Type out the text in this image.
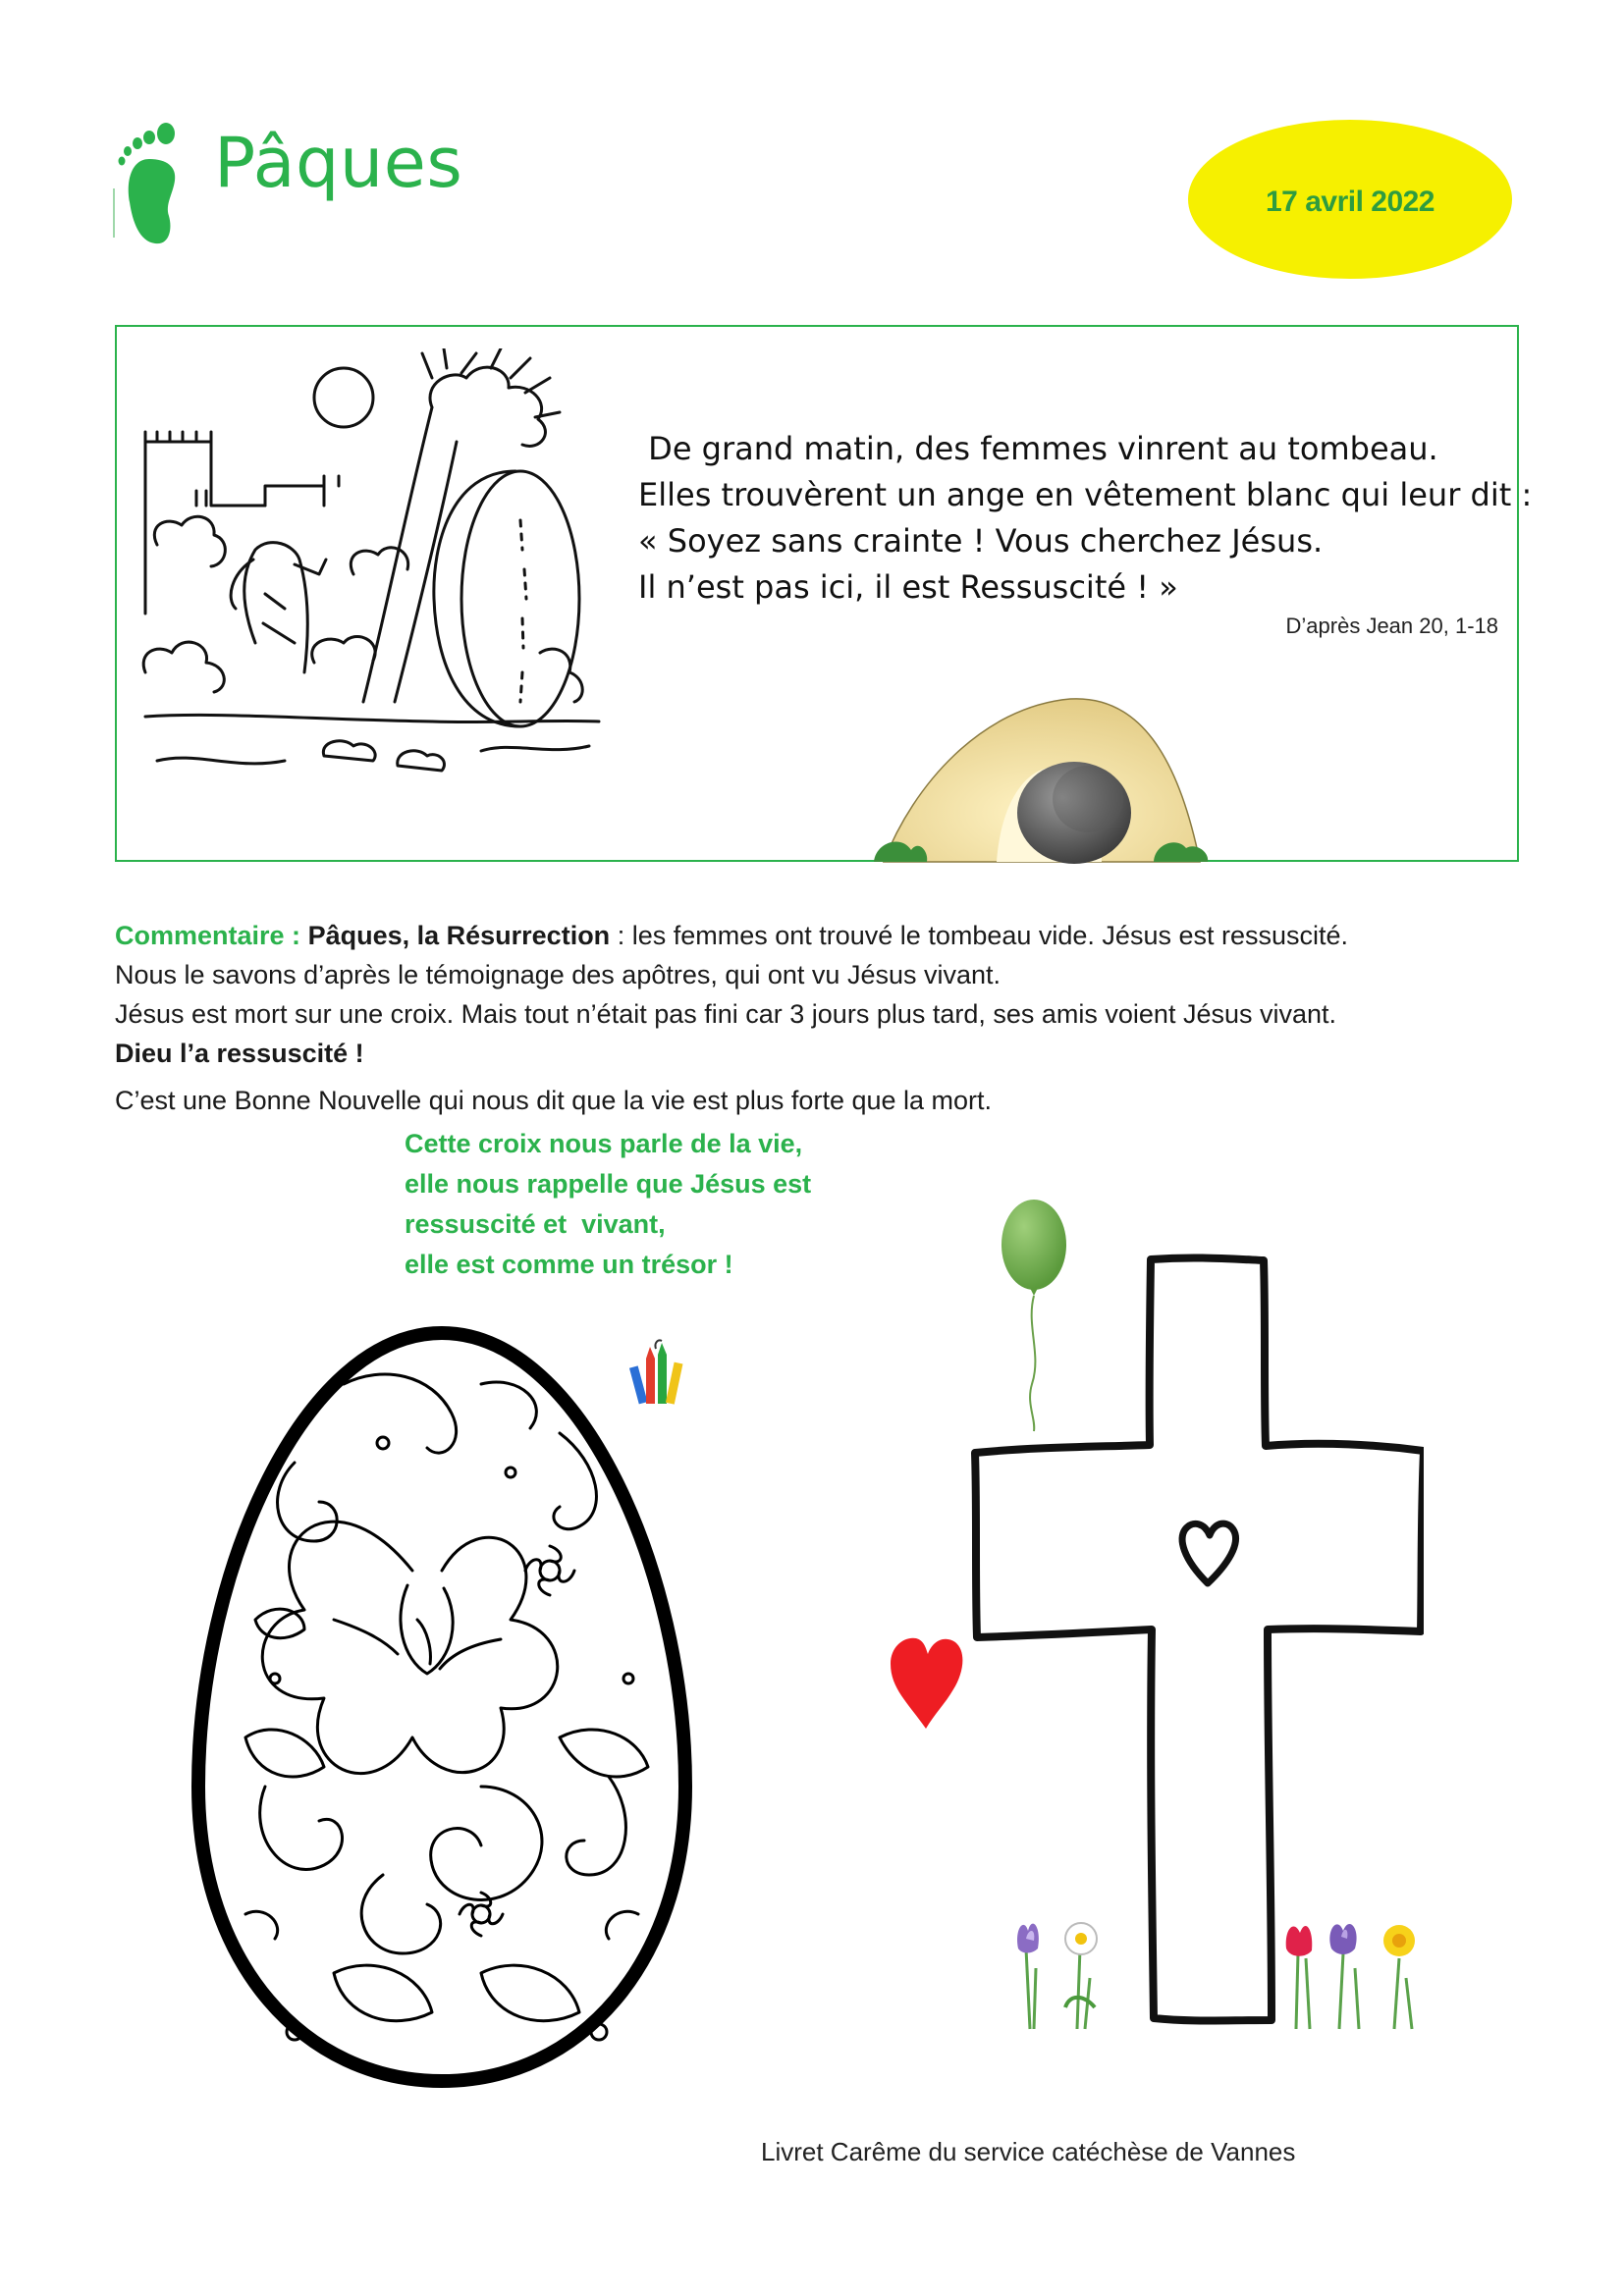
Pâques	17 avril 2022
De grand matin, des femmes vinrent au tombeau.
Elles trouvèrent un ange en vêtement blanc qui leur dit :
« Soyez sans crainte ! Vous cherchez Jésus.
Il n’est pas ici, il est Ressuscité ! »
D’après Jean 20, 1-18

Commentaire : Pâques, la Résurrection : les femmes ont trouvé le tombeau vide. Jésus est ressuscité.

Nous le savons d’après le témoignage des apôtres, qui ont vu Jésus vivant.

Jésus est mort sur une croix. Mais tout n’était pas fini car 3 jours plus tard, ses amis voient Jésus vivant.

Dieu l’a ressuscité !

C’est une Bonne Nouvelle qui nous dit que la vie est plus forte que la mort.

Cette croix nous parle de la vie,
elle nous rappelle que Jésus est
ressuscité et  vivant,
elle est comme un trésor !
Livret Carême du service catéchèse de Vannes
